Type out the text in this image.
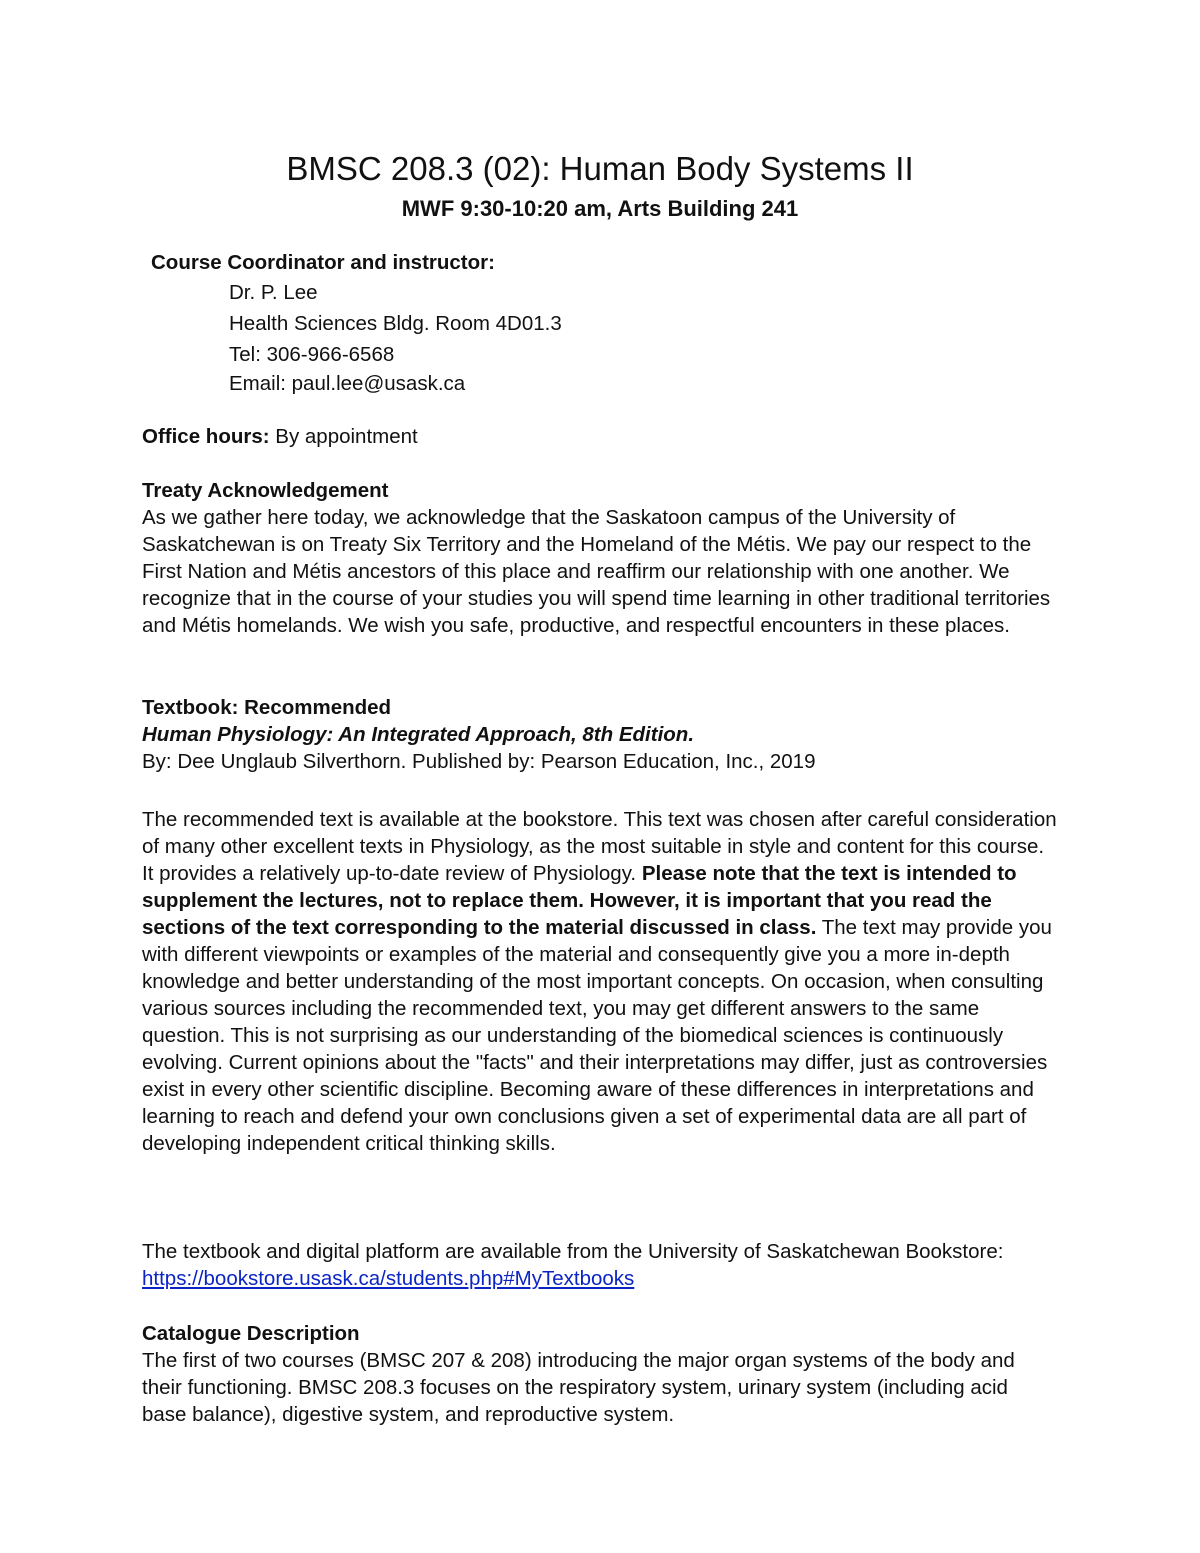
BMSC 208.3 (02): Human Body Systems II
MWF 9:30-10:20 am, Arts Building 241
Course Coordinator and instructor:
Dr. P. Lee
Health Sciences Bldg. Room 4D01.3
Tel: 306-966-6568
Email: paul.lee@usask.ca
Office hours: By appointment
Treaty Acknowledgement

As we gather here today, we acknowledge that the Saskatoon campus of the University of Saskatchewan is on Treaty Six Territory and the Homeland of the Métis. We pay our respect to the First Nation and Métis ancestors of this place and reaffirm our relationship with one another. We recognize that in the course of your studies you will spend time learning in other traditional territories and Métis homelands. We wish you safe, productive, and respectful encounters in these places.

Textbook: Recommended
Human Physiology: An Integrated Approach, 8th Edition.
By: Dee Unglaub Silverthorn. Published by: Pearson Education, Inc., 2019

The recommended text is available at the bookstore. This text was chosen after careful consideration of many other excellent texts in Physiology, as the most suitable in style and content for this course. It provides a relatively up-to-date review of Physiology. Please note that the text is intended to supplement the lectures, not to replace them. However, it is important that you read the sections of the text corresponding to the material discussed in class. The text may provide you with different viewpoints or examples of the material and consequently give you a more in-depth knowledge and better understanding of the most important concepts. On occasion, when consulting various sources including the recommended text, you may get different answers to the same question. This is not surprising as our understanding of the biomedical sciences is continuously evolving. Current opinions about the "facts" and their interpretations may differ, just as controversies exist in every other scientific discipline. Becoming aware of these differences in interpretations and learning to reach and defend your own conclusions given a set of experimental data are all part of developing independent critical thinking skills.

The textbook and digital platform are available from the University of Saskatchewan Bookstore: https://bookstore.usask.ca/students.php#MyTextbooks

Catalogue Description

The first of two courses (BMSC 207 & 208) introducing the major organ systems of the body and their functioning. BMSC 208.3 focuses on the respiratory system, urinary system (including acid base balance), digestive system, and reproductive system.
